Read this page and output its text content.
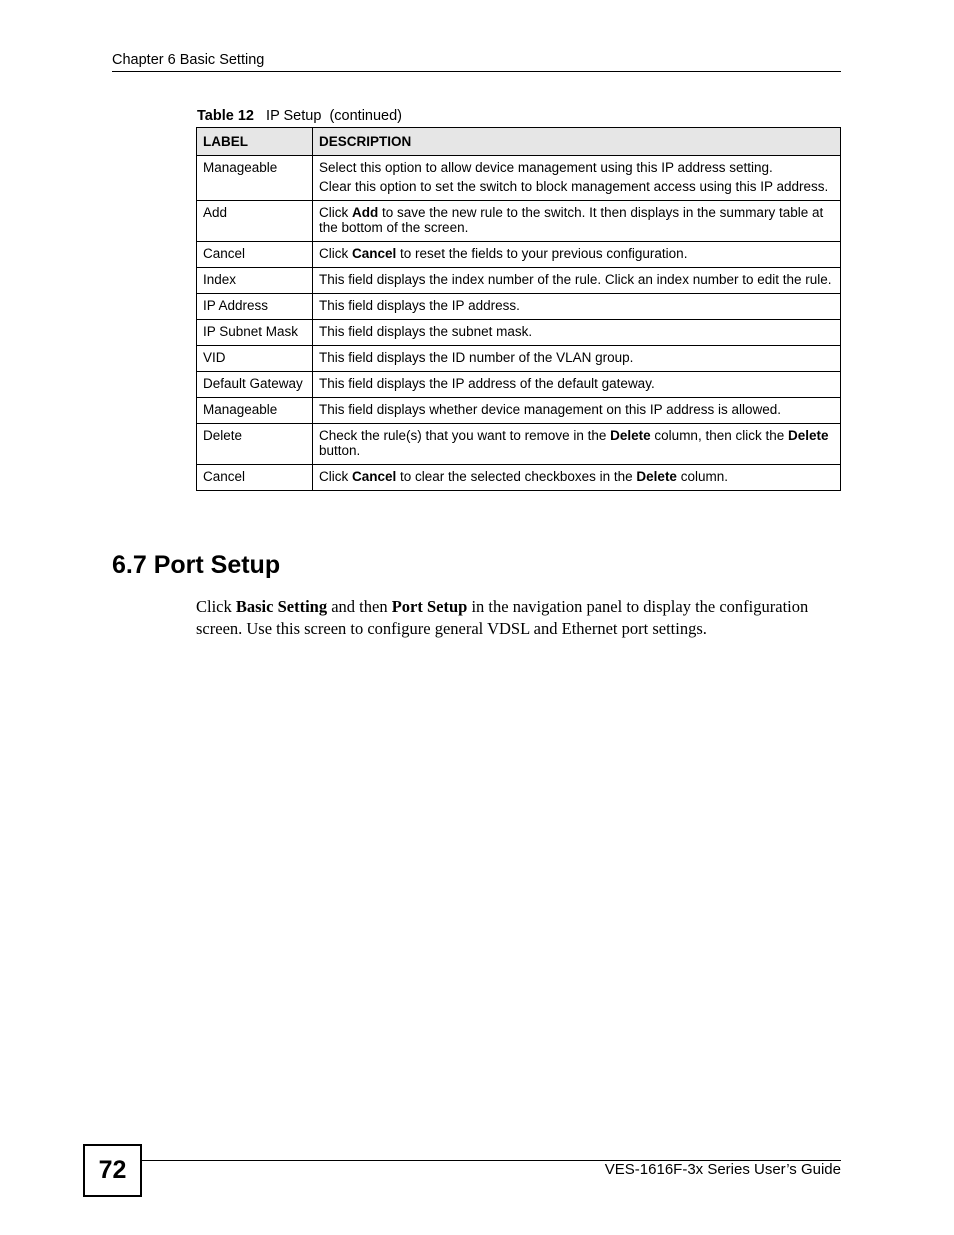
Chapter 6 Basic Setting
Table 12 IP Setup  (continued)
LABEL	DESCRIPTION
Manageable	Select this option to allow device management using this IP address setting.

Clear this option to set the switch to block management access using this IP address.

Add	Click Add to save the new rule to the switch. It then displays in the summary table at the bottom of the screen.

Cancel	Click Cancel to reset the fields to your previous configuration.

Index	This field displays the index number of the rule. Click an index number to edit the rule.

IP Address	This field displays the IP address.

IP Subnet Mask	This field displays the subnet mask.

VID	This field displays the ID number of the VLAN group.

Default Gateway	This field displays the IP address of the default gateway.

Manageable	This field displays whether device management on this IP address is allowed.

Delete	Check the rule(s) that you want to remove in the Delete column, then click the Delete button.

Cancel	Click Cancel to clear the selected checkboxes in the Delete column.

6.7 Port Setup

Click Basic Setting and then Port Setup in the navigation panel to display the configuration screen. Use this screen to configure general VDSL and Ethernet port settings.

72	VES-1616F-3x Series User’s Guide
